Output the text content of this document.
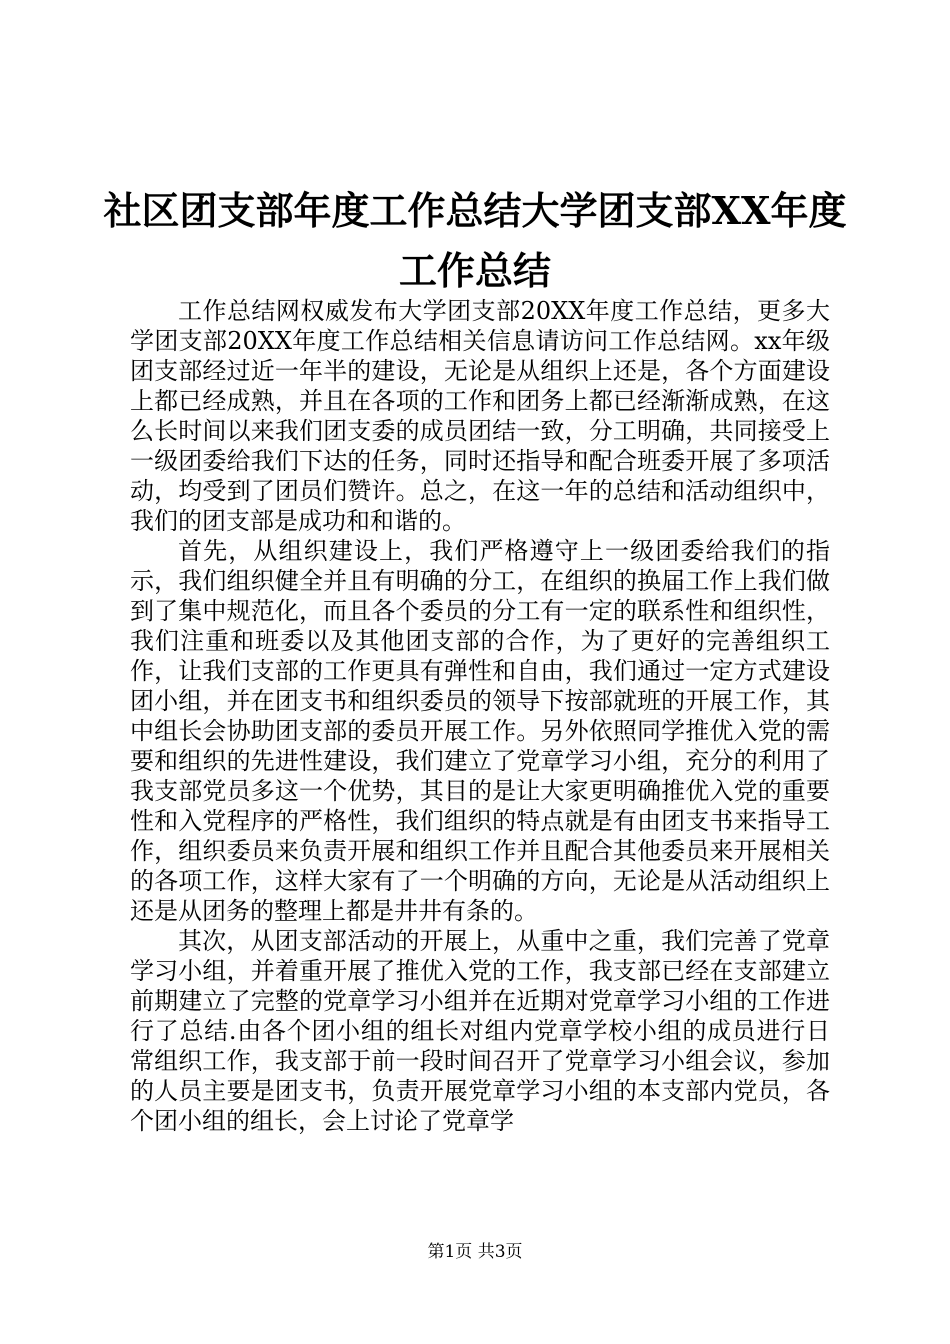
社区团支部年度工作总结大学团支部XX年度
工作总结

工作总结网权威发布大学团支部20XX年度工作总结，更多大学团支部20XX年度工作总结相关信息请访问工作总结网。xx年级团支部经过近一年半的建设，无论是从组织上还是，各个方面建设上都已经成熟，并且在各项的工作和团务上都已经渐渐成熟，在这么长时间以来我们团支委的成员团结一致，分工明确，共同接受上一级团委给我们下达的任务，同时还指导和配合班委开展了多项活动，均受到了团员们赞许。总之，在这一年的总结和活动组织中，我们的团支部是成功和和谐的。

首先，从组织建设上，我们严格遵守上一级团委给我们的指示，我们组织健全并且有明确的分工，在组织的换届工作上我们做到了集中规范化，而且各个委员的分工有一定的联系性和组织性，我们注重和班委以及其他团支部的合作，为了更好的完善组织工作，让我们支部的工作更具有弹性和自由，我们通过一定方式建设团小组，并在团支书和组织委员的领导下按部就班的开展工作，其中组长会协助团支部的委员开展工作。另外依照同学推优入党的需要和组织的先进性建设，我们建立了党章学习小组，充分的利用了我支部党员多这一个优势，其目的是让大家更明确推优入党的重要性和入党程序的严格性，我们组织的特点就是有由团支书来指导工作，组织委员来负责开展和组织工作并且配合其他委员来开展相关的各项工作，这样大家有了一个明确的方向，无论是从活动组织上还是从团务的整理上都是井井有条的。

其次，从团支部活动的开展上，从重中之重，我们完善了党章学习小组，并着重开展了推优入党的工作，我支部已经在支部建立前期建立了完整的党章学习小组并在近期对党章学习小组的工作进行了总结.由各个团小组的组长对组内党章学校小组的成员进行日常组织工作，我支部于前一段时间召开了党章学习小组会议，参加的人员主要是团支书，负责开展党章学习小组的本支部内党员，各个团小组的组长，会上讨论了党章学

第1页 共3页
